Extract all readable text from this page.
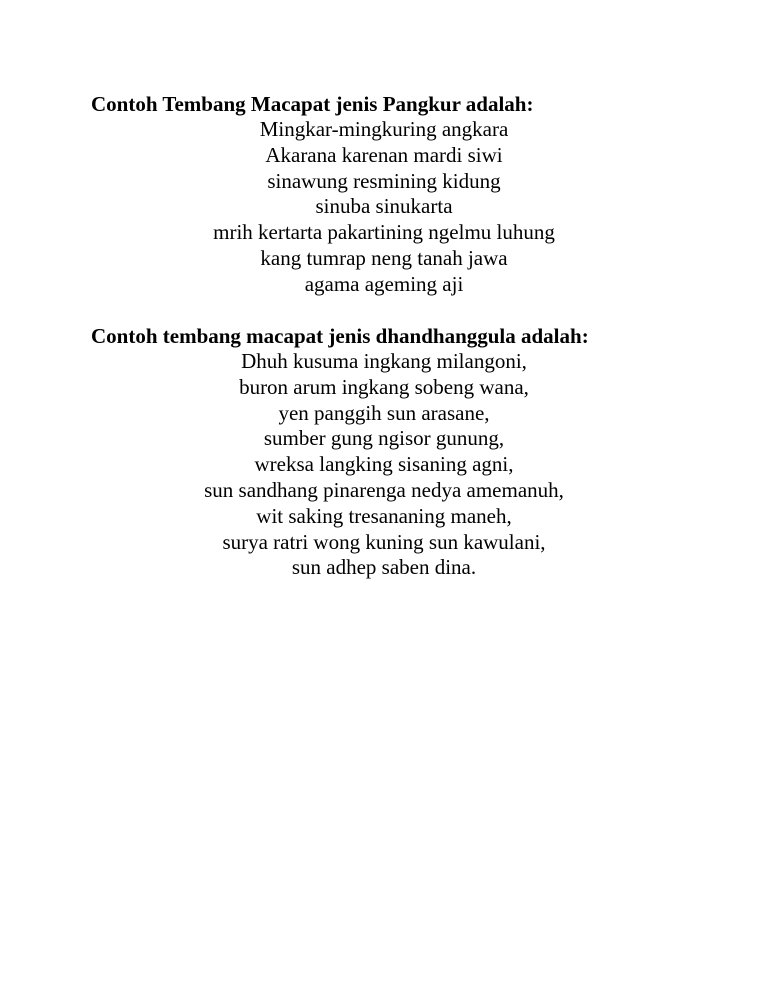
Contoh Tembang Macapat jenis Pangkur adalah:

Mingkar-mingkuring angkara
Akarana karenan mardi siwi
sinawung resmining kidung
sinuba sinukarta
mrih kertarta pakartining ngelmu luhung
kang tumrap neng tanah jawa
agama ageming aji

Contoh tembang macapat jenis dhandhanggula adalah:

Dhuh kusuma ingkang milangoni,
buron arum ingkang sobeng wana,
yen panggih sun arasane,
sumber gung ngisor gunung,
wreksa langking sisaning agni,
sun sandhang pinarenga nedya amemanuh,
wit saking tresananing maneh,
surya ratri wong kuning sun kawulani,
sun adhep saben dina.
